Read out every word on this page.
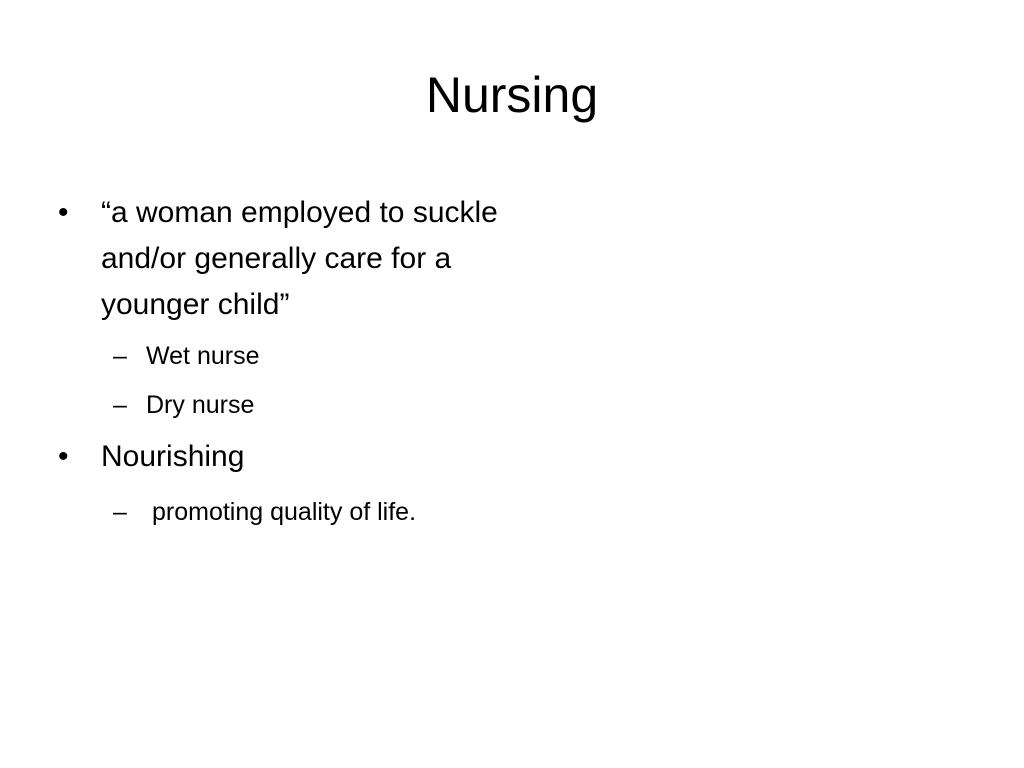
Nursing
•
“a woman employed to suckle and/or generally care for a younger child”
–
Wet nurse
–
Dry nurse
•
Nourishing
–
promoting quality of life.
